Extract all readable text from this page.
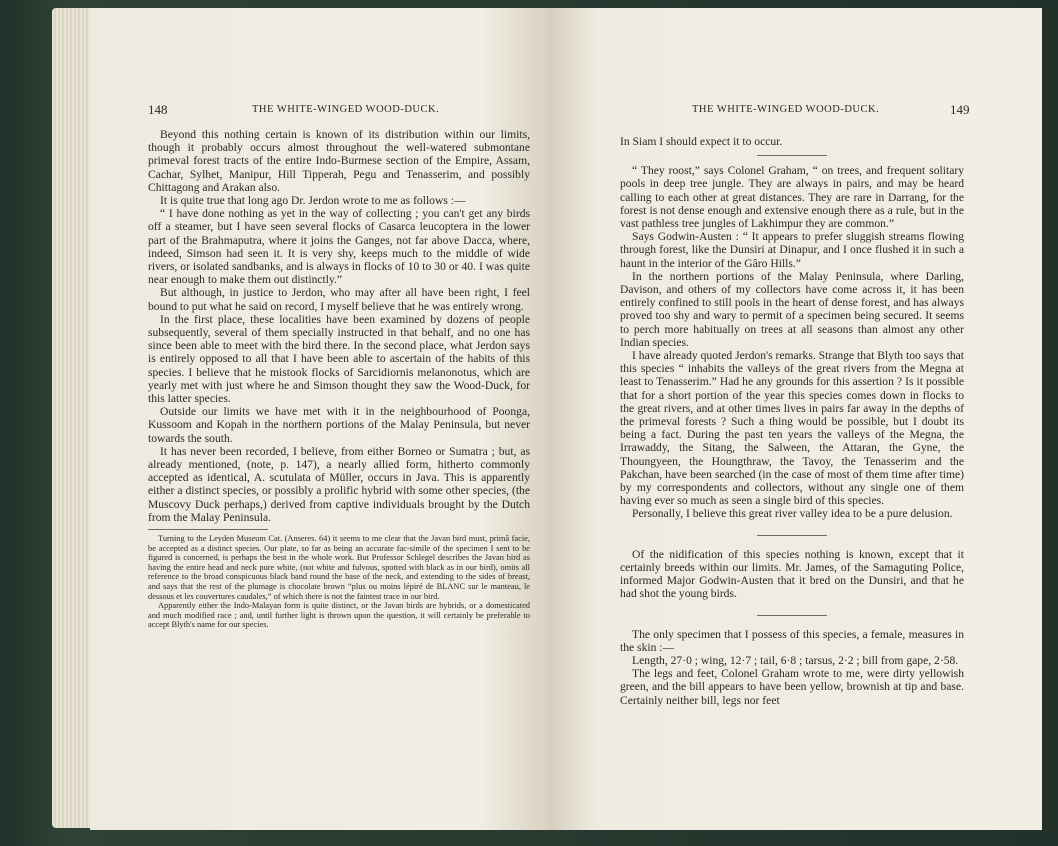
148	THE WHITE-WINGED WOOD-DUCK.

Beyond this nothing certain is known of its distribution within our limits, though it probably occurs almost throughout the well-watered submontane primeval forest tracts of the entire Indo-Burmese section of the Empire, Assam, Cachar, Sylhet, Manipur, Hill Tipperah, Pegu and Tenasserim, and possibly Chittagong and Arakan also.

It is quite true that long ago Dr. Jerdon wrote to me as follows :—

“ I have done nothing as yet in the way of collecting ; you can't get any birds off a steamer, but I have seen several flocks of Casarca leucoptera in the lower part of the Brahmaputra, where it joins the Ganges, not far above Dacca, where, indeed, Simson had seen it. It is very shy, keeps much to the middle of wide rivers, or isolated sandbanks, and is always in flocks of 10 to 30 or 40. I was quite near enough to make them out distinctly.”

But although, in justice to Jerdon, who may after all have been right, I feel bound to put what he said on record, I myself believe that he was entirely wrong.

In the first place, these localities have been examined by dozens of people subsequently, several of them specially instructed in that behalf, and no one has since been able to meet with the bird there. In the second place, what Jerdon says is entirely opposed to all that I have been able to ascertain of the habits of this species. I believe that he mistook flocks of Sarcidiornis melanonotus, which are yearly met with just where he and Simson thought they saw the Wood-Duck, for this latter species.

Outside our limits we have met with it in the neighbourhood of Poonga, Kussoom and Kopah in the northern portions of the Malay Peninsula, but never towards the south.

It has never been recorded, I believe, from either Borneo or Sumatra ; but, as already mentioned, (note, p. 147), a nearly allied form, hitherto commonly accepted as identical, A. scutulata of Müller, occurs in Java. This is apparently either a distinct species, or possibly a prolific hybrid with some other species, (the Muscovy Duck perhaps,) derived from captive individuals brought by the Dutch from the Malay Peninsula.

Turning to the Leyden Museum Cat. (Anseres. 64) it seems to me clear that the Javan bird must, primâ facie, be accepted as a distinct species. Our plate, so far as being an accurate fac-simile of the specimen I sent to be figured is concerned, is perhaps the best in the whole work. But Professor Schlegel describes the Javan bird as having the entire head and neck pure white, (not white and fulvous, spotted with black as in our bird), omits all reference to the broad conspicuous black band round the base of the neck, and extending to the sides of breast, and says that the rest of the plumage is chocolate brown “plus ou moins lépiré de BLANC sur le manteau, le dessous et les couvertures caudales,” of which there is not the faintest trace in our bird.

Apparently either the Indo-Malayan form is quite distinct, or the Javan birds are hybrids, or a domesticated and much modified race ; and, until further light is thrown upon the question, it will certainly be preferable to accept Blyth's name for our species.

THE WHITE-WINGED WOOD-DUCK.	149

In Siam I should expect it to occur.

“ They roost,” says Colonel Graham, “ on trees, and frequent solitary pools in deep tree jungle. They are always in pairs, and may be heard calling to each other at great distances. They are rare in Darrang, for the forest is not dense enough and extensive enough there as a rule, but in the vast pathless tree jungles of Lakhimpur they are common.”

Says Godwin-Austen : “ It appears to prefer sluggish streams flowing through forest, like the Dunsiri at Dinapur, and I once flushed it in such a haunt in the interior of the Gâro Hills.”

In the northern portions of the Malay Peninsula, where Darling, Davison, and others of my collectors have come across it, it has been entirely confined to still pools in the heart of dense forest, and has always proved too shy and wary to permit of a specimen being secured. It seems to perch more habitually on trees at all seasons than almost any other Indian species.

I have already quoted Jerdon's remarks. Strange that Blyth too says that this species “ inhabits the valleys of the great rivers from the Megna at least to Tenasserim.” Had he any grounds for this assertion ? Is it possible that for a short portion of the year this species comes down in flocks to the great rivers, and at other times lives in pairs far away in the depths of the primeval forests ? Such a thing would be possible, but I doubt its being a fact. During the past ten years the valleys of the Megna, the Irrawaddy, the Sitang, the Salween, the Attaran, the Gyne, the Thoungyeen, the Houngthraw, the Tavoy, the Tenasserim and the Pakchan, have been searched (in the case of most of them time after time) by my correspondents and collectors, without any single one of them having ever so much as seen a single bird of this species.

Personally, I believe this great river valley idea to be a pure delusion.

Of the nidification of this species nothing is known, except that it certainly breeds within our limits. Mr. James, of the Samaguting Police, informed Major Godwin-Austen that it bred on the Dunsiri, and that he had shot the young birds.

The only specimen that I possess of this species, a female, measures in the skin :—

Length, 27·0 ; wing, 12·7 ; tail, 6·8 ; tarsus, 2·2 ; bill from gape, 2·58.

The legs and feet, Colonel Graham wrote to me, were dirty yellowish green, and the bill appears to have been yellow, brownish at tip and base. Certainly neither bill, legs nor feet
